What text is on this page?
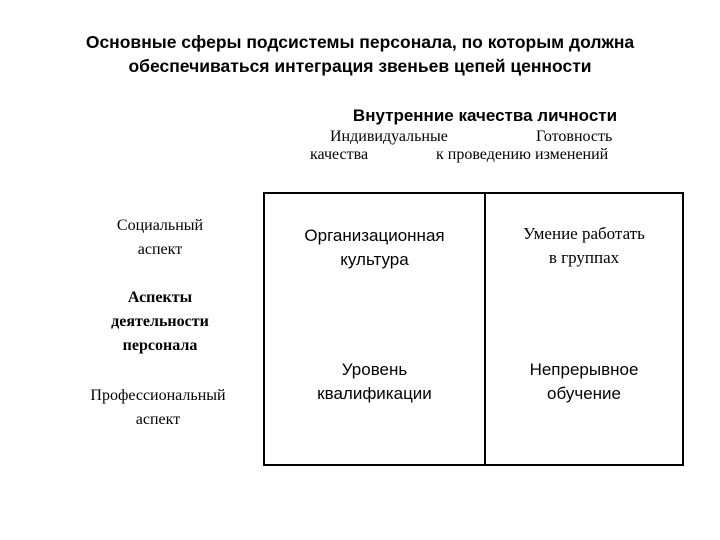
Основные сферы подсистемы персонала, по которым должна
обеспечиваться интеграция звеньев цепей ценности
Внутренние качества личности
Индивидуальные
качества
Готовность
к проведению изменений
Социальный
аспект
Аспекты
деятельности
персонала
Профессиональный
аспект
Организационная
культура
Умение работать
в группах
Уровень
квалификации
Непрерывное
обучение
